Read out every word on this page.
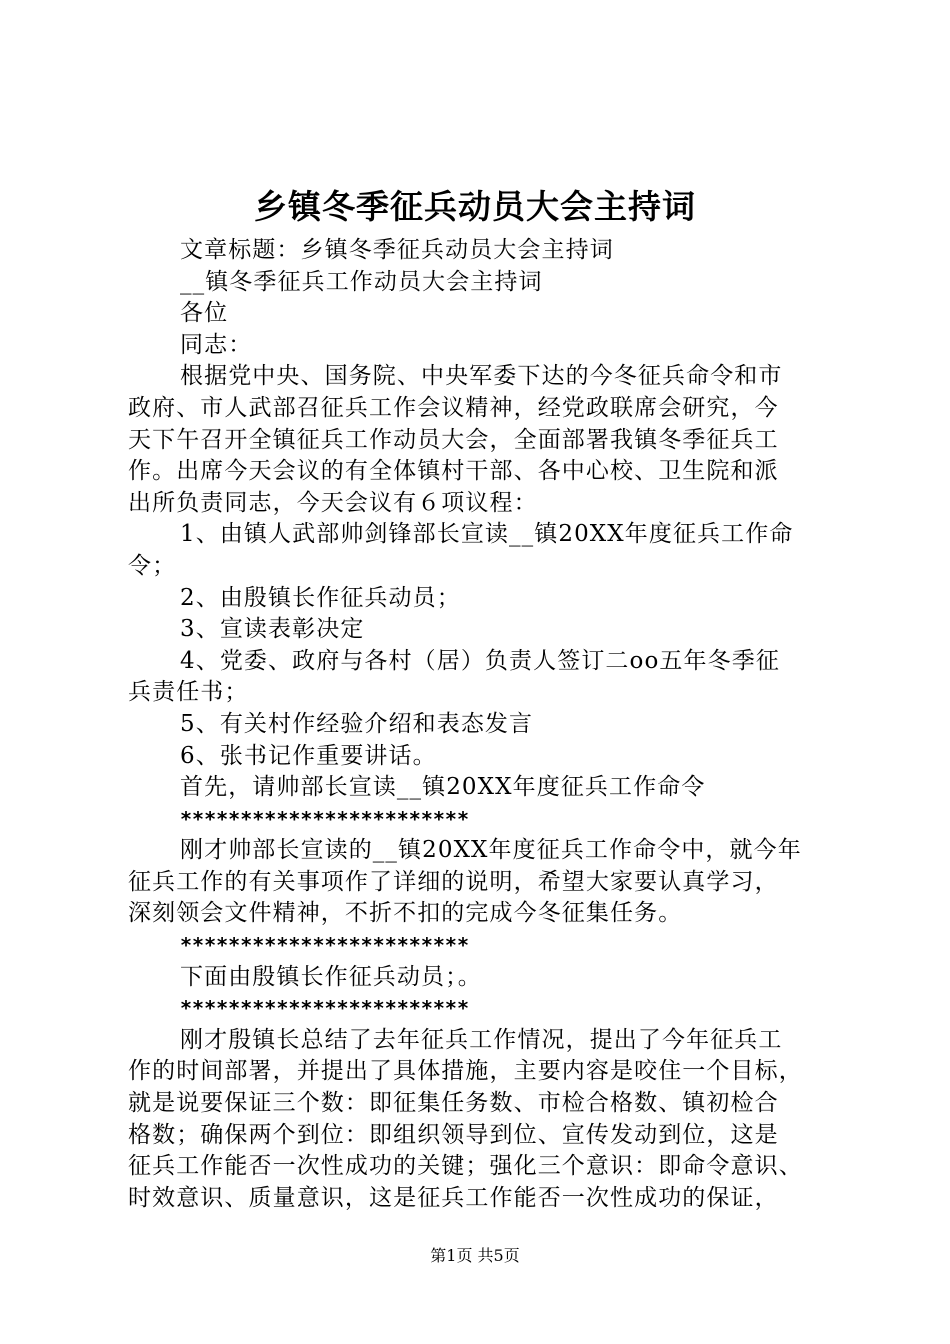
乡镇冬季征兵动员大会主持词
文章标题：乡镇冬季征兵动员大会主持词
__镇冬季征兵工作动员大会主持词
各位
同志：
根据党中央、国务院、中央军委下达的今冬征兵命令和市
政府、市人武部召征兵工作会议精神，经党政联席会研究，今
天下午召开全镇征兵工作动员大会，全面部署我镇冬季征兵工
作。出席今天会议的有全体镇村干部、各中心校、卫生院和派
出所负责同志，今天会议有６项议程：
1、由镇人武部帅剑锋部长宣读__镇20XX年度征兵工作命
令；
2、由殷镇长作征兵动员；
3、宣读表彰决定
4、党委、政府与各村（居）负责人签订二oo五年冬季征
兵责任书；
5、有关村作经验介绍和表态发言
6、张书记作重要讲话。
首先，请帅部长宣读__镇20XX年度征兵工作命令
************************
刚才帅部长宣读的__镇20XX年度征兵工作命令中，就今年
征兵工作的有关事项作了详细的说明，希望大家要认真学习，
深刻领会文件精神，不折不扣的完成今冬征集任务。
************************
下面由殷镇长作征兵动员；。
************************
刚才殷镇长总结了去年征兵工作情况，提出了今年征兵工
作的时间部署，并提出了具体措施，主要内容是咬住一个目标，
就是说要保证三个数：即征集任务数、市检合格数、镇初检合
格数；确保两个到位：即组织领导到位、宣传发动到位，这是
征兵工作能否一次性成功的关键；强化三个意识：即命令意识、
时效意识、质量意识，这是征兵工作能否一次性成功的保证，
第1页 共5页
